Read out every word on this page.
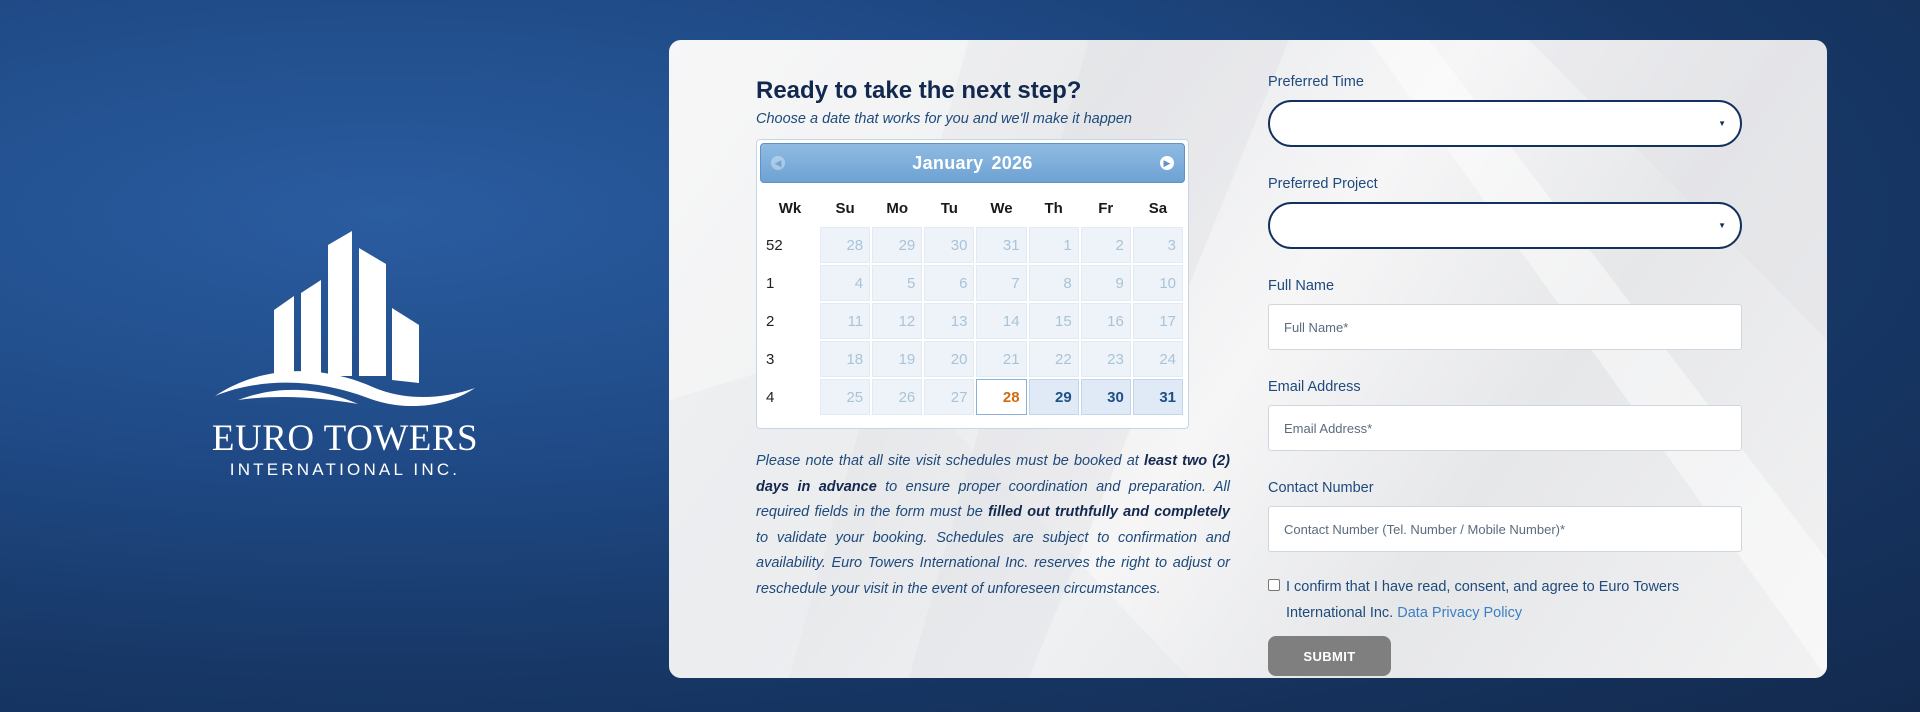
EURO TOWERS
INTERNATIONAL INC.
Ready to take the next step?
Choose a date that works for you and we'll make it happen
◀	January 2026	▶
Wk	Su	Mo	Tu	We	Th	Fr	Sa
52	28	29	30	31	1	2	3
1	4	5	6	7	8	9	10
2	11	12	13	14	15	16	17
3	18	19	20	21	22	23	24
4	25	26	27	28	29	30	31
Please note that all site visit schedules must be booked at least two (2) days in advance to ensure proper coordination and preparation. All required fields in the form must be filled out truthfully and completely to validate your booking. Schedules are subject to confirmation and availability. Euro Towers International Inc. reserves the right to adjust or reschedule your visit in the event of unforeseen circumstances.
Preferred Time
▼
Preferred Project
▼
Full Name
Full Name*
Email Address
Email Address*
Contact Number
Contact Number (Tel. Number / Mobile Number)*
I confirm that I have read, consent, and agree to Euro Towers International Inc. Data Privacy Policy
SUBMIT
